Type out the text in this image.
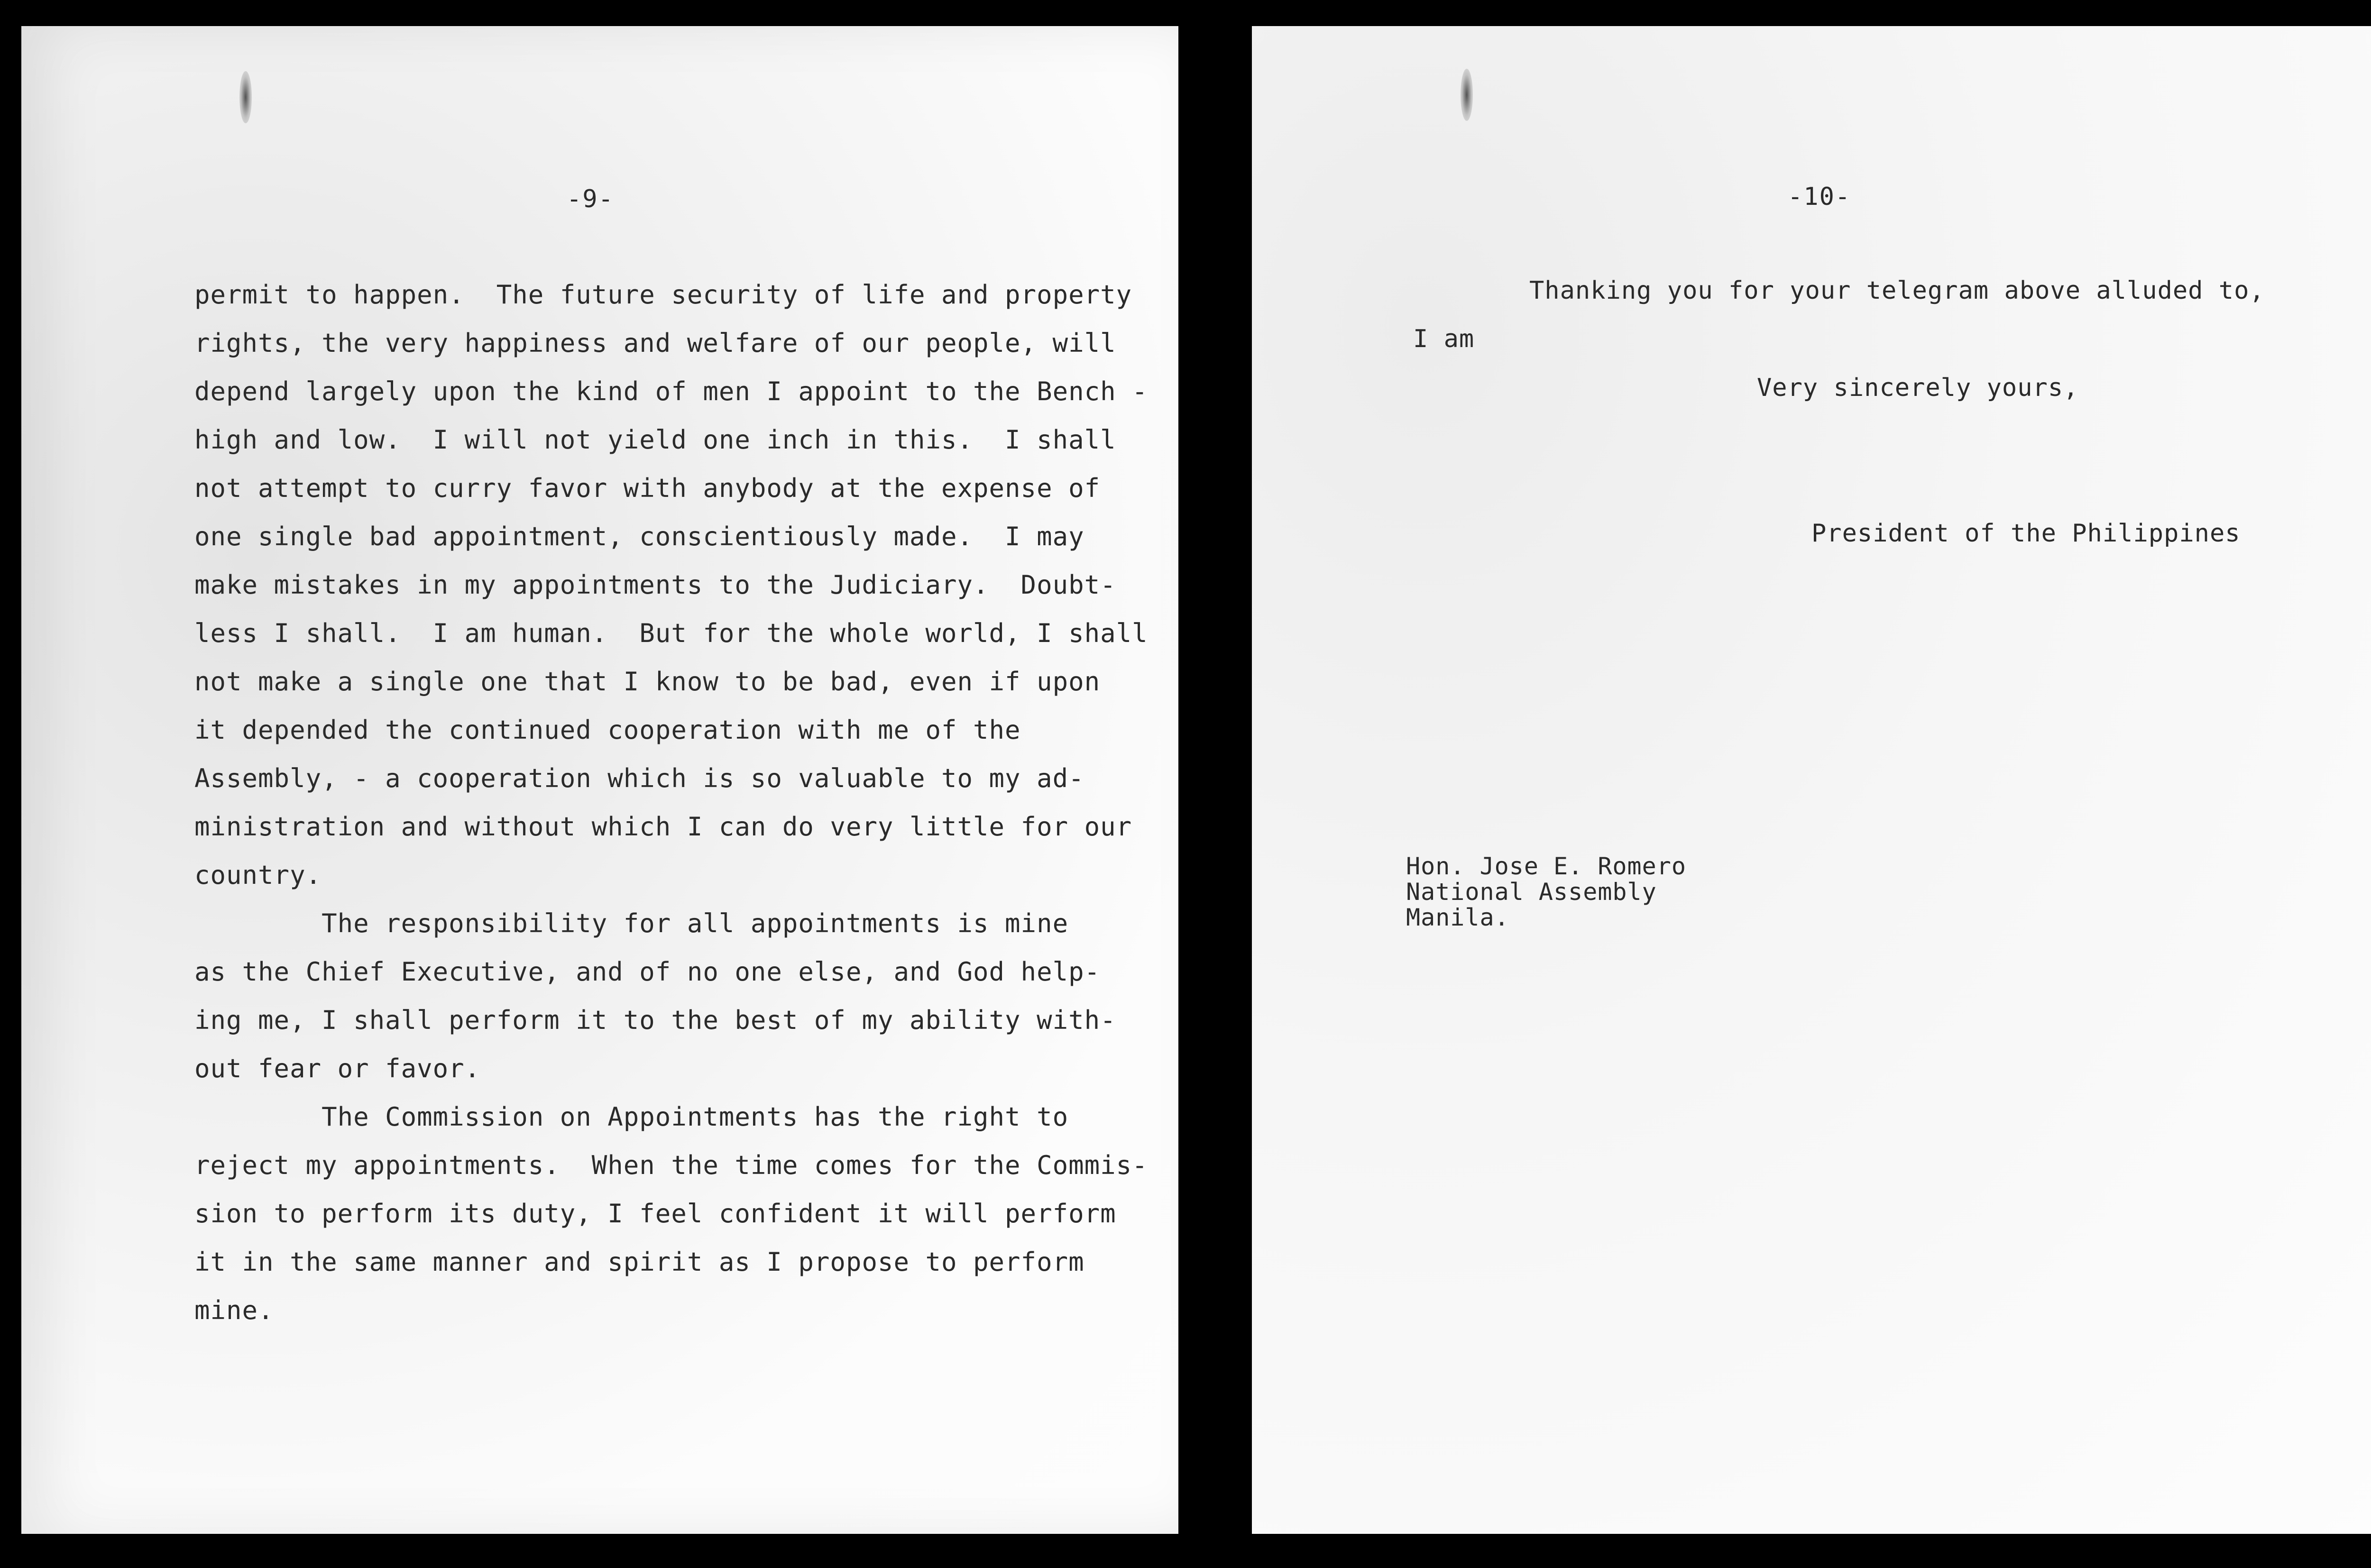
-9-

permit to happen.  The future security of life and property

rights, the very happiness and welfare of our people, will

depend largely upon the kind of men I appoint to the Bench -

high and low.  I will not yield one inch in this.  I shall

not attempt to curry favor with anybody at the expense of

one single bad appointment, conscientiously made.  I may

make mistakes in my appointments to the Judiciary.  Doubt-

less I shall.  I am human.  But for the whole world, I shall

not make a single one that I know to be bad, even if upon

it depended the continued cooperation with me of the

Assembly, - a cooperation which is so valuable to my ad-

ministration and without which I can do very little for our

country.

The responsibility for all appointments is mine

as the Chief Executive, and of no one else, and God help-

ing me, I shall perform it to the best of my ability with-

out fear or favor.

The Commission on Appointments has the right to

reject my appointments.  When the time comes for the Commis-

sion to perform its duty, I feel confident it will perform

it in the same manner and spirit as I propose to perform

mine.

-10-

Thanking you for your telegram above alluded to,

I am

Very sincerely yours,

President of the Philippines

Hon. Jose E. Romero

National Assembly

Manila.
